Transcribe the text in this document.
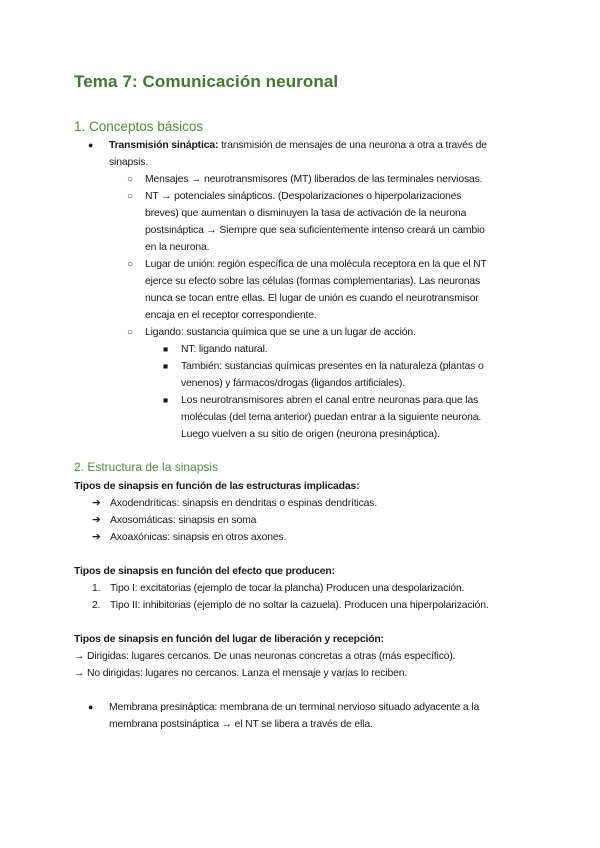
Tema 7: Comunicación neuronal
1. Conceptos básicos
● Transmisión sináptica: transmisión de mensajes de una neurona a otra a través de
sinapsis.
○ Mensajes → neurotransmisores (MT) liberados de las terminales nerviosas.
○ NT → potenciales sinápticos. (Despolarizaciones o hiperpolarizaciones
breves) que aumentan o disminuyen la tasa de activación de la neurona
postsináptica → Siempre que sea suficientemente intenso creará un cambio
en la neurona.
○ Lugar de unión: región específica de una molécula receptora en la que el NT
ejerce su efecto sobre las células (formas complementarias). Las neuronas
nunca se tocan entre ellas. El lugar de unión es cuando el neurotransmisor
encaja en el receptor correspondiente.
○ Ligando: sustancia química que se une a un lugar de acción.
■ NT: ligando natural.
■ También: sustancias químicas presentes en la naturaleza (plantas o
venenos) y fármacos/drogas (ligandos artificiales).
■ Los neurotransmisores abren el canal entre neuronas para que las
moléculas (del tema anterior) puedan entrar a la siguiente neurona.
Luego vuelven a su sitio de origen (neurona presináptica).
2. Estructura de la sinapsis
Tipos de sinapsis en función de las estructuras implicadas:
➔ Axodendríticas: sinapsis en dendritas o espinas dendríticas.
➔ Axosomáticas: sinapsis en soma
➔ Axoaxónicas: sinapsis en otros axones.
Tipos de sinapsis en función del efecto que producen:
1. Tipo I: excitatorias (ejemplo de tocar la plancha) Producen una despolarización.
2. Tipo II: inhibitorias (ejemplo de no soltar la cazuela). Producen una hiperpolarización.
Tipos de sinapsis en función del lugar de liberación y recepción:
→ Dirigidas: lugares cercanos. De unas neuronas concretas a otras (más específico).
→ No dirigidas: lugares no cercanos. Lanza el mensaje y varias lo reciben.
● Membrana presináptica: membrana de un terminal nervioso situado adyacente a la
membrana postsináptica → el NT se libera a través de ella.
